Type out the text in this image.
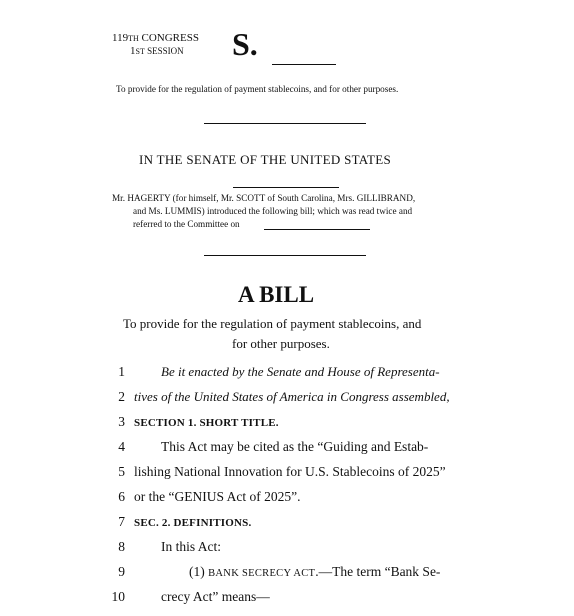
119TH CONGRESS
1ST SESSION S.
To provide for the regulation of payment stablecoins, and for other purposes.
IN THE SENATE OF THE UNITED STATES
Mr. HAGERTY (for himself, Mr. SCOTT of South Carolina, Mrs. GILLIBRAND,
and Ms. LUMMIS) introduced the following bill; which was read twice and
referred to the Committee on
A BILL
To provide for the regulation of payment stablecoins, and
for other purposes.
1	Be it enacted by the Senate and House of Representa-
2 tives of the United States of America in Congress assembled,
3 SECTION 1. SHORT TITLE.
4	This Act may be cited as the “Guiding and Estab-
5 lishing National Innovation for U.S. Stablecoins of 2025”
6 or the “GENIUS Act of 2025”.
7 SEC. 2. DEFINITIONS.
8	In this Act:
9	(1) BANK SECRECY ACT.—The term “Bank Se-
10	crecy Act” means—
